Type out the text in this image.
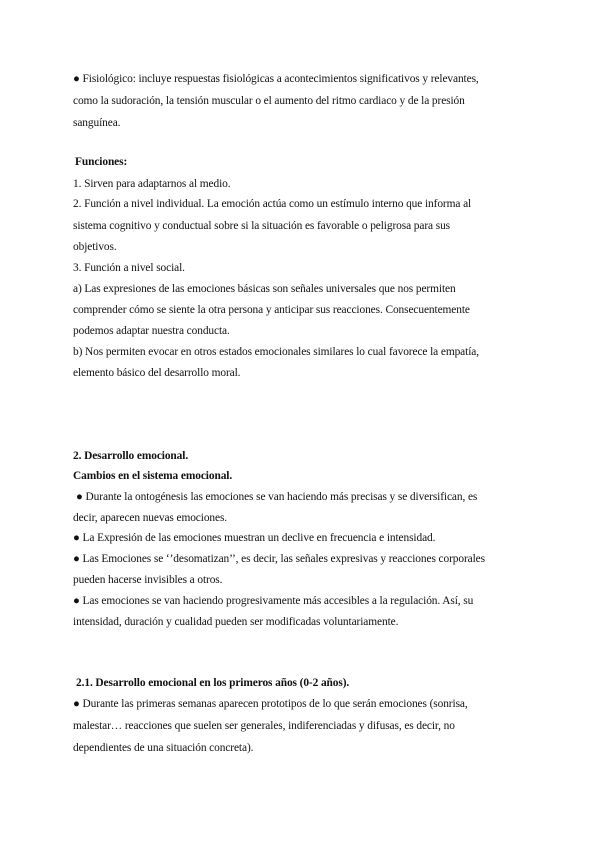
● Fisiológico: incluye respuestas fisiológicas a acontecimientos significativos y relevantes,
como la sudoración, la tensión muscular o el aumento del ritmo cardiaco y de la presión
sanguínea.
Funciones:
1. Sirven para adaptarnos al medio.
2. Función a nivel individual. La emoción actúa como un estímulo interno que informa al
sistema cognitivo y conductual sobre si la situación es favorable o peligrosa para sus
objetivos.
3. Función a nivel social.
a) Las expresiones de las emociones básicas son señales universales que nos permiten
comprender cómo se siente la otra persona y anticipar sus reacciones. Consecuentemente
podemos adaptar nuestra conducta.
b) Nos permiten evocar en otros estados emocionales similares lo cual favorece la empatía,
elemento básico del desarrollo moral.
2. Desarrollo emocional.
Cambios en el sistema emocional.
● Durante la ontogénesis las emociones se van haciendo más precisas y se diversifican, es
decir, aparecen nuevas emociones.
● La Expresión de las emociones muestran un declive en frecuencia e intensidad.
● Las Emociones se ‘’desomatizan’’, es decir, las señales expresivas y reacciones corporales
pueden hacerse invisibles a otros.
● Las emociones se van haciendo progresivamente más accesibles a la regulación. Así, su
intensidad, duración y cualidad pueden ser modificadas voluntariamente.
2.1. Desarrollo emocional en los primeros años (0-2 años).
● Durante las primeras semanas aparecen prototipos de lo que serán emociones (sonrisa,
malestar… reacciones que suelen ser generales, indiferenciadas y difusas, es decir, no
dependientes de una situación concreta).
